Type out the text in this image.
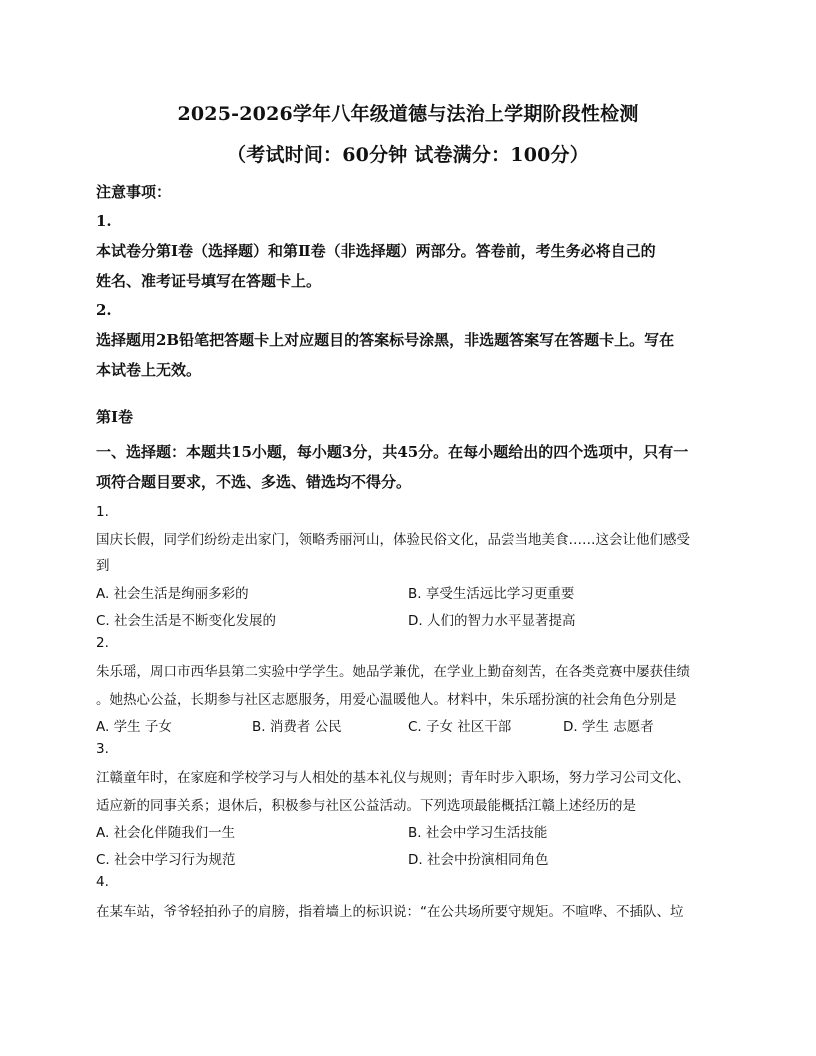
2025-2026学年八年级道德与法治上学期阶段性检测
（考试时间：60分钟 试卷满分：100分）
注意事项：
1.
本试卷分第Ⅰ卷（选择题）和第Ⅱ卷（非选择题）两部分。答卷前，考生务必将自己的
姓名、准考证号填写在答题卡上。
2.
选择题用2B铅笔把答题卡上对应题目的答案标号涂黑，非选题答案写在答题卡上。写在
本试卷上无效。
第Ⅰ卷
一、选择题：本题共15小题，每小题3分，共45分。在每小题给出的四个选项中，只有一
项符合题目要求，不选、多选、错选均不得分。
1.
国庆长假，同学们纷纷走出家门，领略秀丽河山，体验民俗文化，品尝当地美食……这会让他们感受
到
A. 社会生活是绚丽多彩的	B. 享受生活远比学习更重要
C. 社会生活是不断变化发展的	D. 人们的智力水平显著提高
2.
朱乐瑶，周口市西华县第二实验中学学生。她品学兼优，在学业上勤奋刻苦，在各类竞赛中屡获佳绩
。她热心公益，长期参与社区志愿服务，用爱心温暖他人。材料中，朱乐瑶扮演的社会角色分别是
A. 学生 子女	B. 消费者 公民	C. 子女 社区干部	D. 学生 志愿者
3.
江赣童年时，在家庭和学校学习与人相处的基本礼仪与规则；青年时步入职场，努力学习公司文化、
适应新的同事关系；退休后，积极参与社区公益活动。下列选项最能概括江赣上述经历的是
A. 社会化伴随我们一生	B. 社会中学习生活技能
C. 社会中学习行为规范	D. 社会中扮演相同角色
4.
在某车站，爷爷轻拍孙子的肩膀，指着墙上的标识说：“在公共场所要守规矩。不喧哗、不插队、垃
